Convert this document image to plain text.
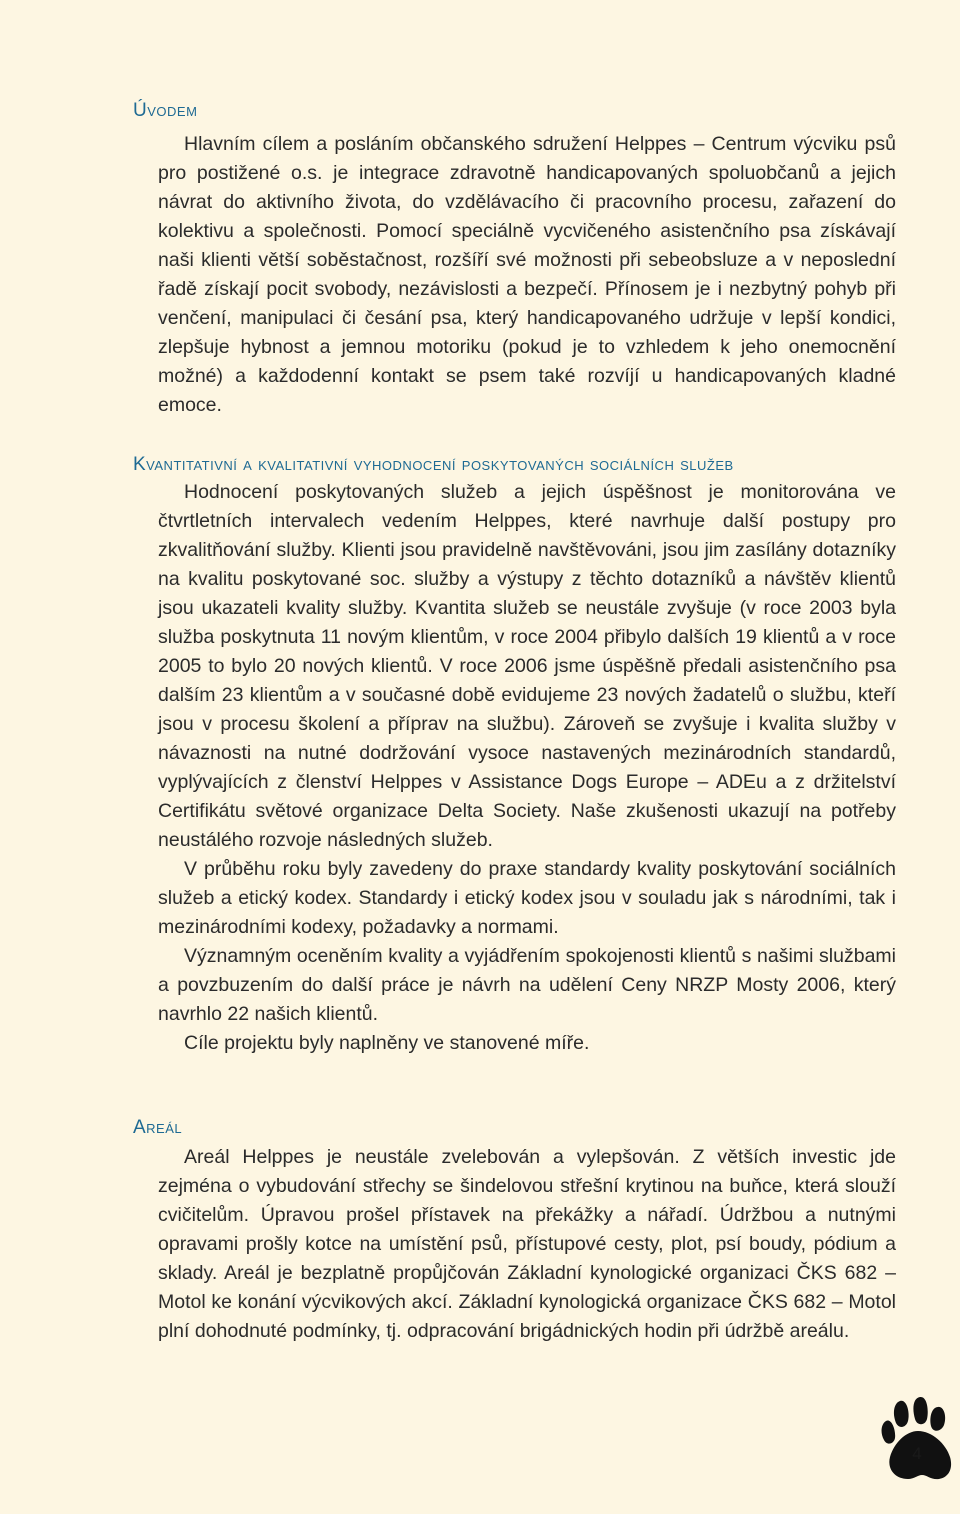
Úvodem

Hlavním cílem a posláním občanského sdružení Helppes – Centrum výcviku psů pro postižené o.s. je integrace zdravotně handicapovaných spoluobčanů a jejich návrat do aktivního života, do vzdělávacího či pracovního procesu, zařazení do kolektivu a společnosti. Pomocí speciálně vycvičeného asistenčního psa získávají naši klienti větší soběstačnost, rozšíří své možnosti při sebeobsluze a v neposlední řadě získají pocit svobody, nezávislosti a bezpečí. Přínosem je i nezbytný pohyb při venčení, manipulaci či česání psa, který handicapovaného udržuje v lepší kondici, zlepšuje hybnost a jemnou motoriku (pokud je to vzhledem k jeho onemocnění možné) a každodenní kontakt se psem také rozvíjí u handicapovaných kladné emoce.

Kvantitativní a kvalitativní vyhodnocení poskytovaných sociálních služeb

Hodnocení poskytovaných služeb a jejich úspěšnost je monitorována ve čtvrtletních intervalech vedením Helppes, které navrhuje další postupy pro zkvalitňování služby. Klienti jsou pravidelně navštěvováni, jsou jim zasílány dotazníky na kvalitu poskytované soc. služby a výstupy z těchto dotazníků a návštěv klientů jsou ukazateli kvality služby. Kvantita služeb se neustále zvyšuje (v roce 2003 byla služba poskytnuta 11 novým klientům, v roce 2004 přibylo dalších 19 klientů a v roce 2005 to bylo 20 nových klientů. V roce 2006 jsme úspěšně předali asistenčního psa dalším 23 klientům a v současné době evidujeme 23 nových žadatelů o službu, kteří jsou v procesu školení a příprav na službu). Zároveň se zvyšuje i kvalita služby v návaznosti na nutné dodržování vysoce nastavených mezinárodních standardů, vyplývajících z členství Helppes v Assistance Dogs Europe – ADEu a z držitelství Certifikátu světové organizace Delta Society. Naše zkušenosti ukazují na potřeby neustálého rozvoje následných služeb.

V průběhu roku byly zavedeny do praxe standardy kvality poskytování sociálních služeb a etický kodex. Standardy i etický kodex jsou v souladu jak s národními, tak i mezinárodními kodexy, požadavky a normami.

Významným oceněním kvality a vyjádřením spokojenosti klientů s našimi službami a povzbuzením do další práce je návrh na udělení Ceny NRZP Mosty 2006, který navrhlo 22 našich klientů.

Cíle projektu byly naplněny ve stanovené míře.

Areál

Areál Helppes je neustále zvelebován a vylepšován. Z větších investic jde zejména o vybudování střechy se šindelovou střešní krytinou na buňce, která slouží cvičitelům. Úpravou prošel přístavek na překážky a nářadí. Údržbou a nutnými opravami prošly kotce na umístění psů, přístupové cesty, plot, psí boudy, pódium a sklady. Areál je bezplatně propůjčován Základní kynologické organizaci ČKS 682 – Motol ke konání výcvikových akcí. Základní kynologická organizace ČKS 682 – Motol plní dohodnuté podmínky, tj. odpracování brigádnických hodin při údržbě areálu.

4
